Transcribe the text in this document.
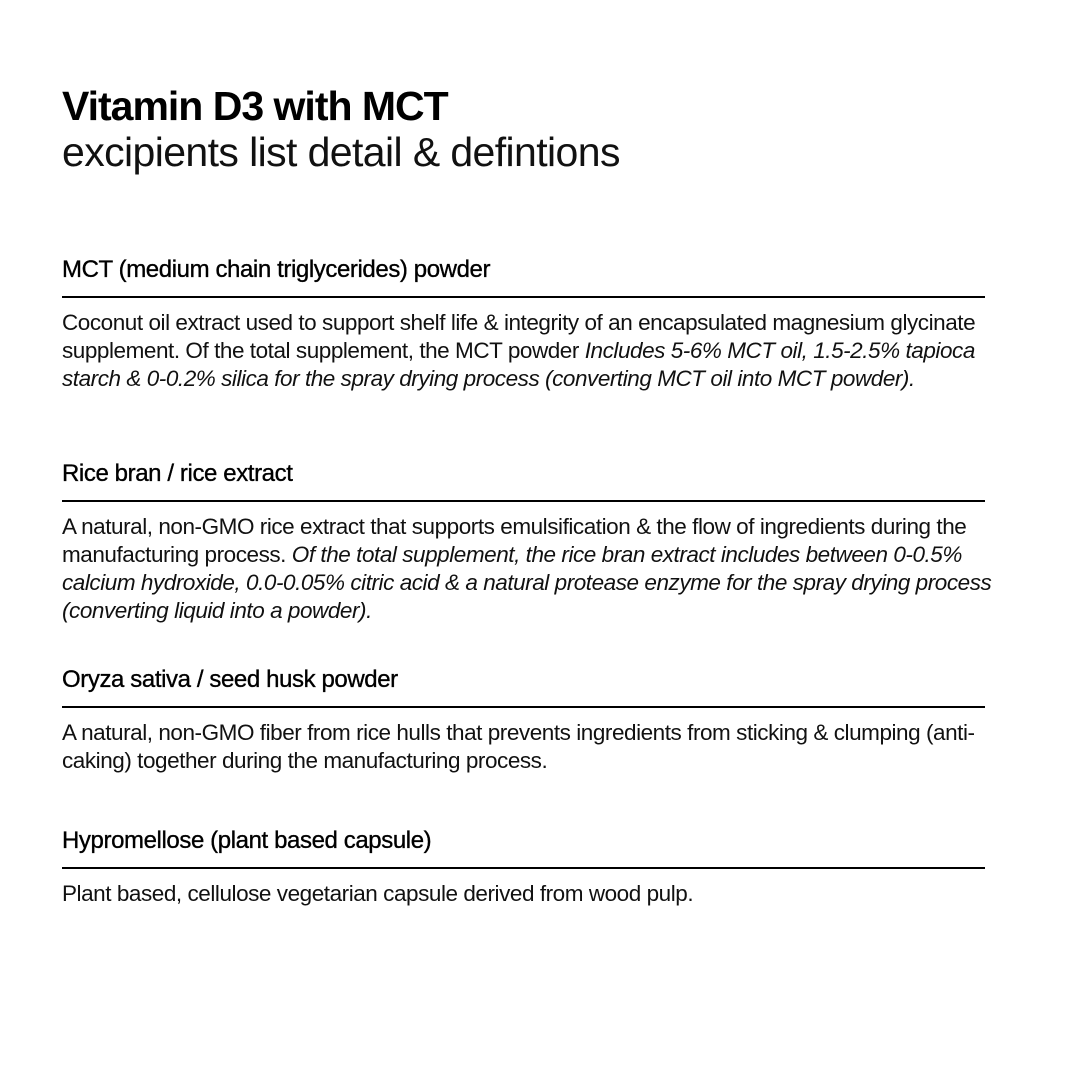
Vitamin D3 with MCT
excipients list detail & defintions
MCT (medium chain triglycerides) powder

Coconut oil extract used to support shelf life & integrity of an encapsulated magnesium glycinate supplement. Of the total supplement, the MCT powder Includes 5-6% MCT oil, 1.5-2.5% tapioca starch & 0-0.2% silica for the spray drying process (converting MCT oil into MCT powder).

Rice bran / rice extract

A natural, non-GMO rice extract that supports emulsification & the flow of ingredients during the manufacturing process. Of the total supplement, the rice bran extract includes between 0-0.5% calcium hydroxide, 0.0-0.05% citric acid & a natural protease enzyme for the spray drying process (converting liquid into a powder).

Oryza sativa / seed husk powder

A natural, non-GMO fiber from rice hulls that prevents ingredients from sticking & clumping (anti-caking) together during the manufacturing process.

Hypromellose (plant based capsule)

Plant based, cellulose vegetarian capsule derived from wood pulp.
